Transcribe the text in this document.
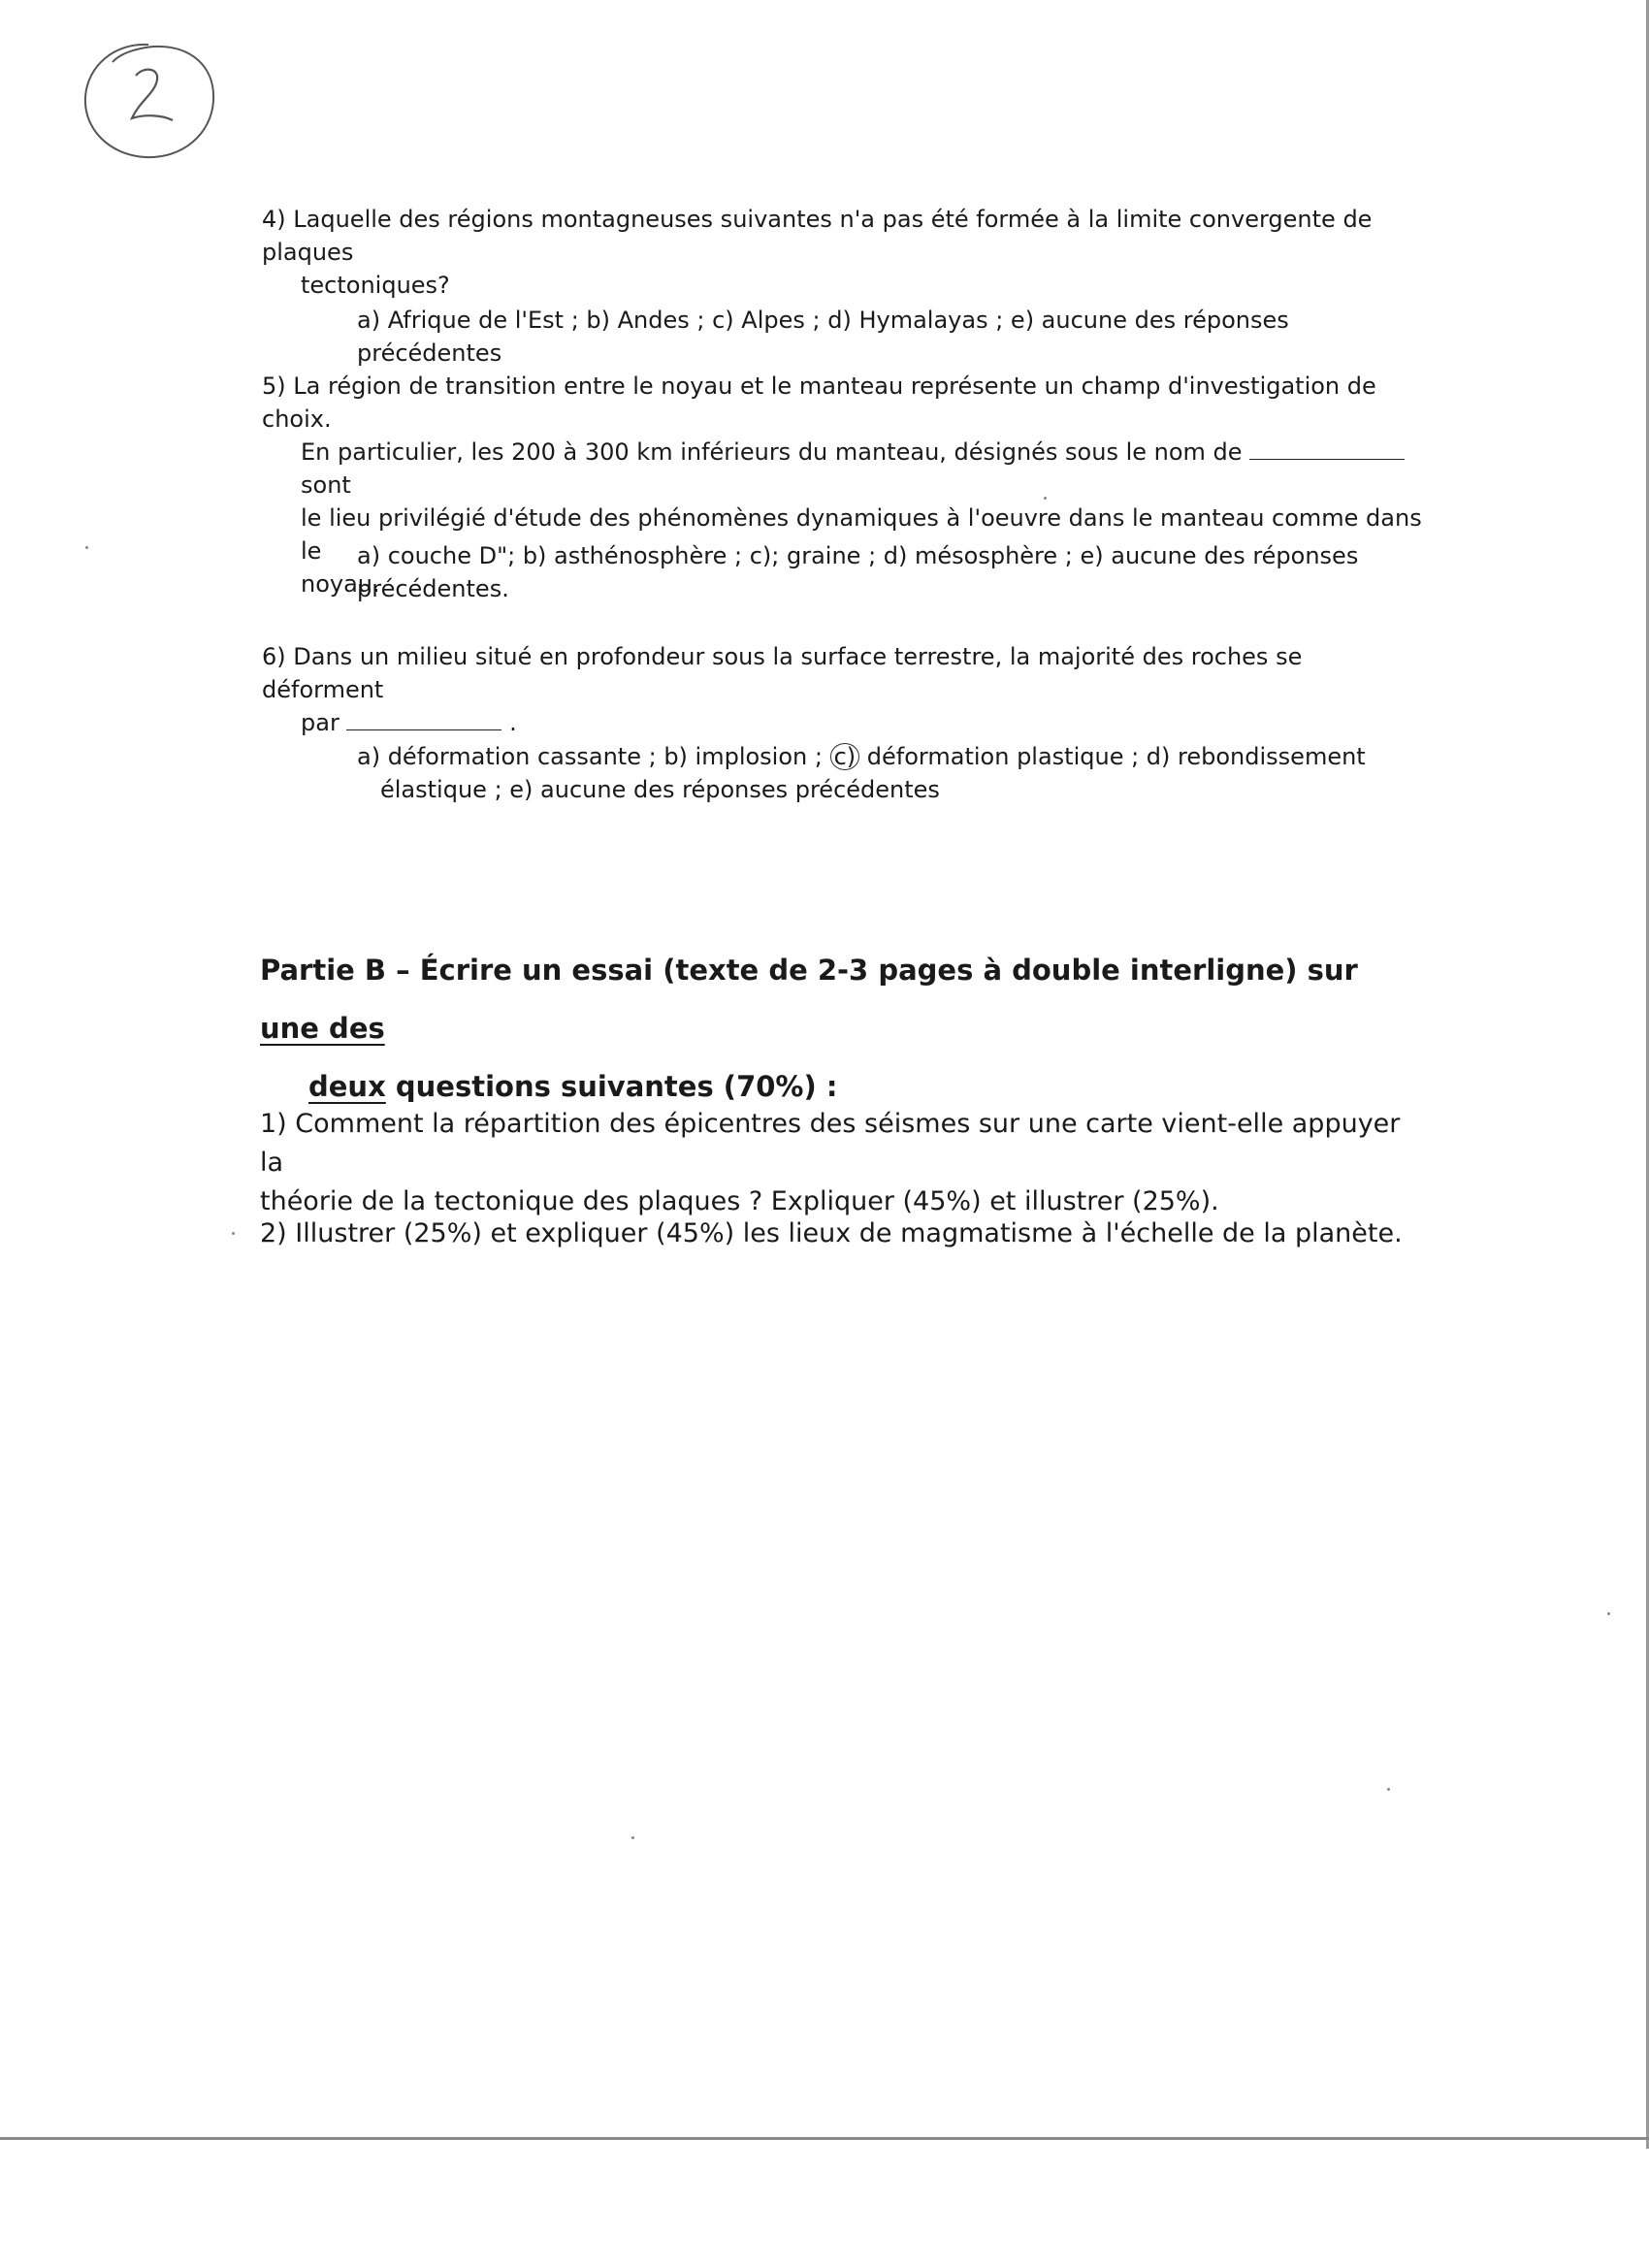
2
4) Laquelle des régions montagneuses suivantes n'a pas été formée à la limite convergente de plaques
tectoniques?
a) Afrique de l'Est ; b) Andes ; c) Alpes ; d) Hymalayas ; e) aucune des réponses précédentes
5) La région de transition entre le noyau et le manteau représente un champ d'investigation de choix.
En particulier, les 200 à 300 km inférieurs du manteau, désignés sous le nom de  sont
le lieu privilégié d'étude des phénomènes dynamiques à l'oeuvre dans le manteau comme dans le
noyau.
a) couche D"; b) asthénosphère ; c); graine ; d) mésosphère ; e) aucune des réponses
précédentes.
6) Dans un milieu situé en profondeur sous la surface terrestre, la majorité des roches se déforment
par	.
a) déformation cassante ; b) implosion ; c) déformation plastique ; d) rebondissement
élastique ; e) aucune des réponses précédentes
Partie B – Écrire un essai (texte de 2-3 pages à double interligne) sur une des
deux questions suivantes (70%) :
1) Comment la répartition des épicentres des séismes sur une carte vient-elle appuyer la
théorie de la tectonique des plaques ? Expliquer (45%) et illustrer (25%).
2) Illustrer (25%) et expliquer (45%) les lieux de magmatisme à l'échelle de la planète.
